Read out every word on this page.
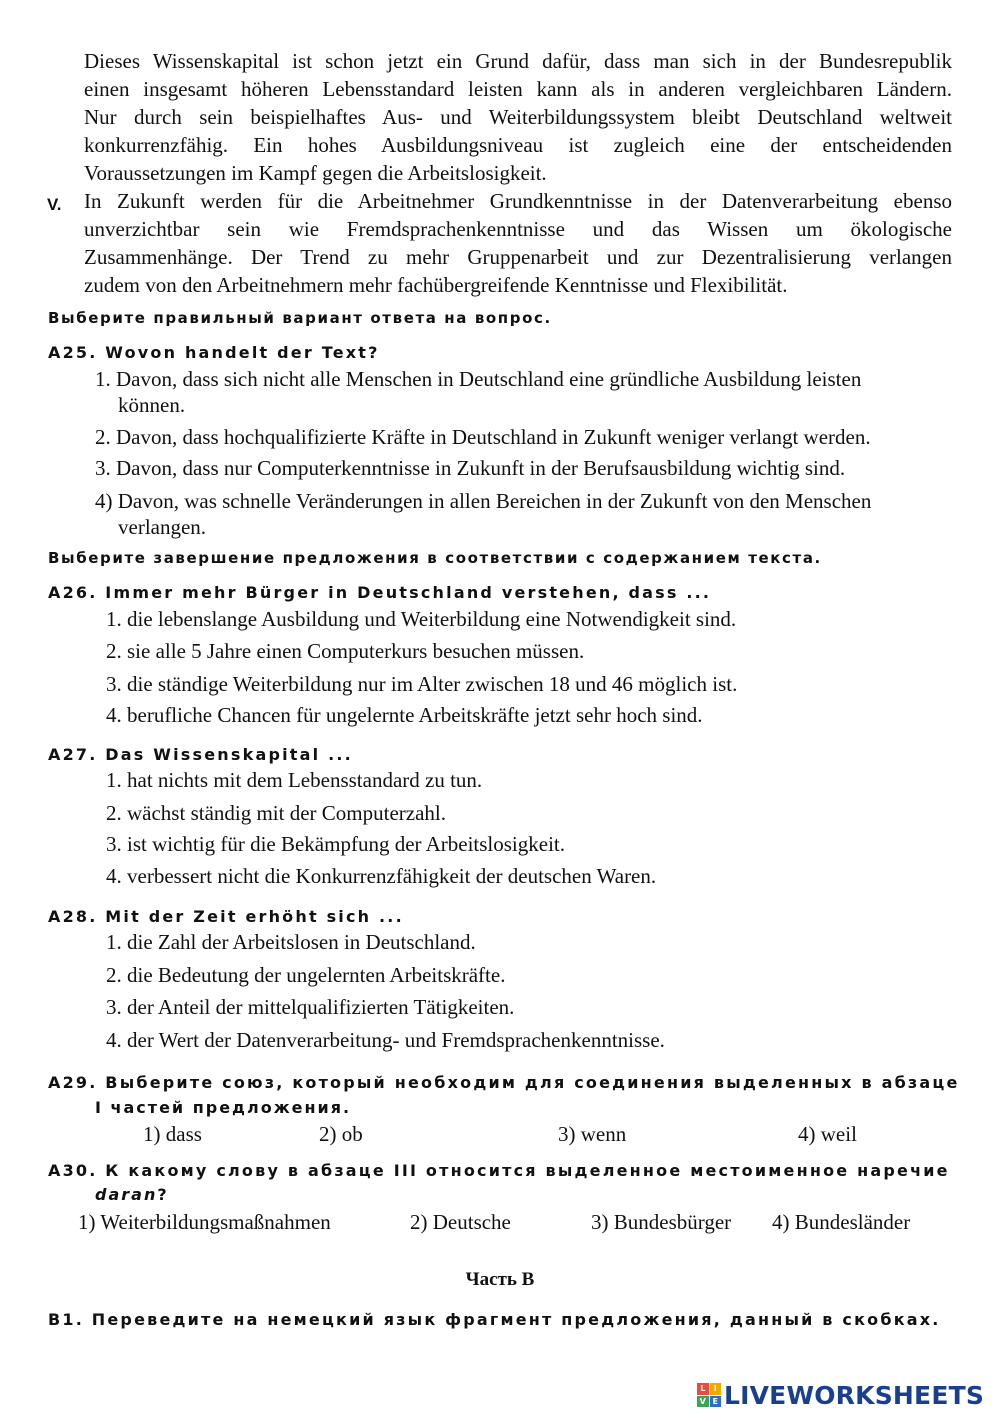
Dieses Wissenskapital ist schon jetzt ein Grund dafür, dass man sich in der Bundesrepublik
einen insgesamt höheren Lebensstandard leisten kann als in anderen vergleichbaren Ländern.
Nur durch sein beispielhaftes Aus- und Weiterbildungssystem bleibt Deutschland weltweit
konkurrenzfähig. Ein hohes Ausbildungsniveau ist zugleich eine der entscheidenden
Voraussetzungen im Kampf gegen die Arbeitslosigkeit.
V. In Zukunft werden für die Arbeitnehmer Grundkenntnisse in der Datenverarbeitung ebenso
unverzichtbar sein wie Fremdsprachenkenntnisse und das Wissen um ökologische
Zusammenhänge. Der Trend zu mehr Gruppenarbeit und zur Dezentralisierung verlangen
zudem von den Arbeitnehmern mehr fachübergreifende Kenntnisse und Flexibilität.
Выберите правильный вариант ответа на вопрос.
A25. Wovon handelt der Text?
1. Davon, dass sich nicht alle Menschen in Deutschland eine gründliche Ausbildung leisten
können.
2. Davon, dass hochqualifizierte Kräfte in Deutschland in Zukunft weniger verlangt werden.
3. Davon, dass nur Computerkenntnisse in Zukunft in der Berufsausbildung wichtig sind.
4) Davon, was schnelle Veränderungen in allen Bereichen in der Zukunft von den Menschen
verlangen.
Выберите завершение предложения в соответствии с содержанием текста.
A26. Immer mehr Bürger in Deutschland verstehen, dass ...
1. die lebenslange Ausbildung und Weiterbildung eine Notwendigkeit sind.
2. sie alle 5 Jahre einen Computerkurs besuchen müssen.
3. die ständige Weiterbildung nur im Alter zwischen 18 und 46 möglich ist.
4. berufliche Chancen für ungelernte Arbeitskräfte jetzt sehr hoch sind.
A27. Das Wissenskapital ...
1. hat nichts mit dem Lebensstandard zu tun.
2. wächst ständig mit der Computerzahl.
3. ist wichtig für die Bekämpfung der Arbeitslosigkeit.
4. verbessert nicht die Konkurrenzfähigkeit der deutschen Waren.
A28. Mit der Zeit erhöht sich ...
1. die Zahl der Arbeitslosen in Deutschland.
2. die Bedeutung der ungelernten Arbeitskräfte.
3. der Anteil der mittelqualifizierten Tätigkeiten.
4. der Wert der Datenverarbeitung- und Fremdsprachenkenntnisse.
A29. Выберите союз, который необходим для соединения выделенных в абзаце
I частей предложения.
1) dass	2) ob	3) wenn	4) weil
A30. К какому слову в абзаце III относится выделенное местоименное наречие
daran?
1) Weiterbildungsmaßnahmen	2) Deutsche	3) Bundesbürger 4) Bundesländer
Часть B
B1. Переведите на немецкий язык фрагмент предложения, данный в скобках.
L	I
V E LIVEWORKSHEETS
